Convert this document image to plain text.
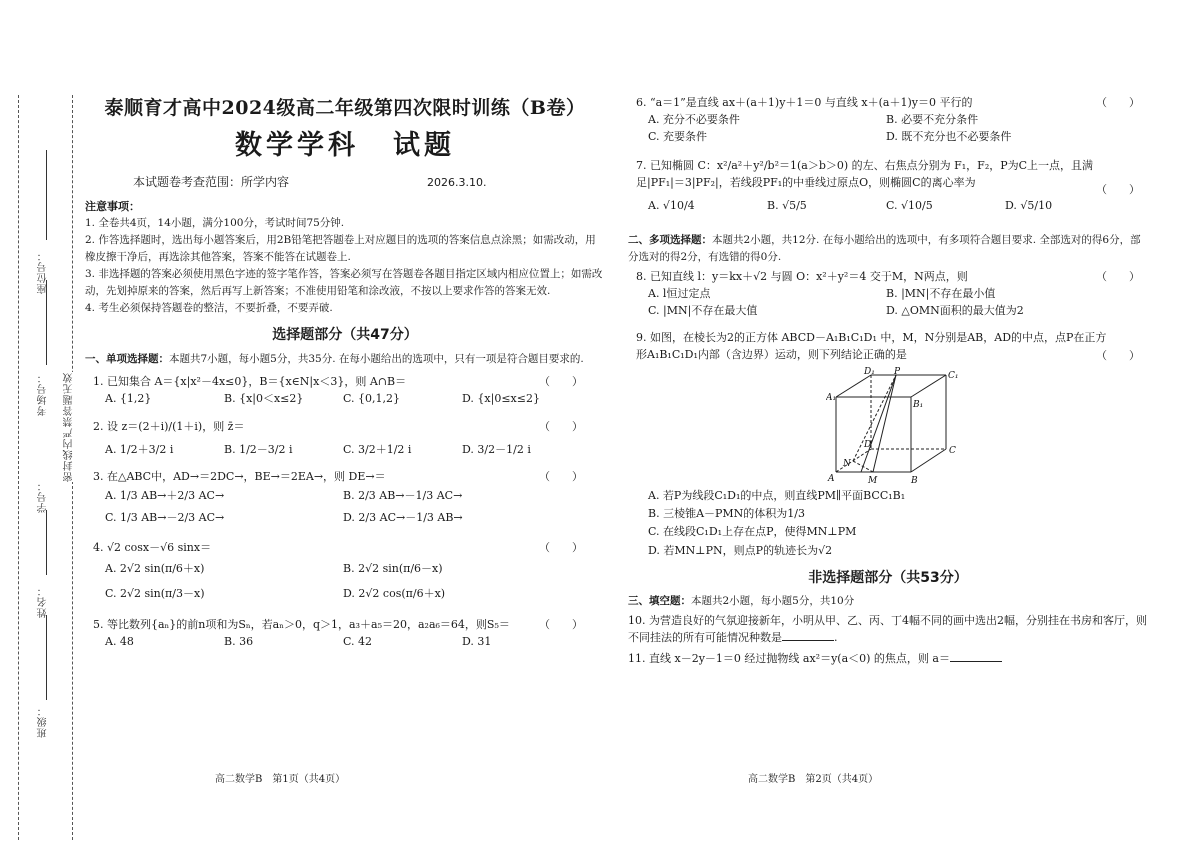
座位号：
考场号：
学号：
姓名：
班级：
密封线内严禁答题无效
泰顺育才高中2024级高二年级第四次限时训练（B卷）
数学学科 试题
本试题卷考查范围：所学内容	2026.3.10.
注意事项：
1. 全卷共4页，14小题，满分100分，考试时间75分钟.
2. 作答选择题时，选出每小题答案后，用2B铅笔把答题卷上对应题目的选项的答案信息点涂黑；如需改动，用橡皮擦干净后，再选涂其他答案，答案不能答在试题卷上.
3. 非选择题的答案必须使用黑色字迹的签字笔作答，答案必须写在答题卷各题目指定区域内相应位置上；如需改动，先划掉原来的答案，然后再写上新答案；不准使用铅笔和涂改液，不按以上要求作答的答案无效.
4. 考生必须保持答题卷的整洁，不要折叠，不要弄破.
选择题部分（共47分）
一、单项选择题：本题共7小题，每小题5分，共35分. 在每小题给出的选项中，只有一项是符合题目要求的.
1. 已知集合 A＝{x|x²－4x≤0}，B＝{x∈N|x＜3}，则 A∩B＝	（　　）
A. {1,2}	B. {x|0＜x≤2}	C. {0,1,2}	D. {x|0≤x≤2}
2. 设 z＝(2＋i)/(1＋i)，则 z̄＝	（　　）
A. 1/2＋3/2 i	B. 1/2－3/2 i	C. 3/2＋1/2 i	D. 3/2－1/2 i
3. 在△ABC中，AD→＝2DC→，BE→＝2EA→，则 DE→＝	（　　）
A. 1/3 AB→＋2/3 AC→	B. 2/3 AB→－1/3 AC→
C. 1/3 AB→－2/3 AC→	D. 2/3 AC→－1/3 AB→
4. √2 cosx－√6 sinx＝	（　　）
A. 2√2 sin(π/6＋x)	B. 2√2 sin(π/6－x)
C. 2√2 sin(π/3－x)	D. 2√2 cos(π/6＋x)
5. 等比数列{aₙ}的前n项和为Sₙ，若aₙ＞0，q＞1，a₃＋a₅＝20，a₂a₆＝64，则S₅＝	（　　）
A. 48	B. 36	C. 42	D. 31
高二数学B　第1页（共4页）
6. “a＝1”是直线 ax＋(a＋1)y＋1＝0 与直线 x＋(a＋1)y＝0 平行的	（　　）
A. 充分不必要条件	B. 必要不充分条件
C. 充要条件	D. 既不充分也不必要条件
7. 已知椭圆 C：x²/a²＋y²/b²＝1(a＞b＞0) 的左、右焦点分别为 F₁，F₂，P为C上一点，且满足|PF₁|＝3|PF₂|，若线段PF₁的中垂线过原点O，则椭圆C的离心率为
（　　）
A. √10/4	B. √5/5	C. √10/5	D. √5/10
二、多项选择题：本题共2小题，共12分. 在每小题给出的选项中，有多项符合题目要求. 全部选对的得6分，部分选对的得2分，有选错的得0分.
8. 已知直线 l：y＝kx＋√2 与圆 O：x²＋y²＝4 交于M，N两点，则	（　　）
A. l恒过定点	B. |MN|不存在最小值
C. |MN|不存在最大值	D. △OMN面积的最大值为2
9. 如图，在棱长为2的正方体 ABCD－A₁B₁C₁D₁ 中，M，N分别是AB，AD的中点，点P在正方形A₁B₁C₁D₁内部（含边界）运动，则下列结论正确的是	（　　）
D₁ P	C₁
A₁
B₁
D
C
N
A	M	B
A. 若P为线段C₁D₁的中点，则直线PM∥平面BCC₁B₁
B. 三棱锥A－PMN的体积为1/3
C. 在线段C₁D₁上存在点P，使得MN⊥PM
D. 若MN⊥PN，则点P的轨迹长为√2
非选择题部分（共53分）
三、填空题：本题共2小题，每小题5分，共10分
10. 为营造良好的气氛迎接新年，小明从甲、乙、丙、丁4幅不同的画中选出2幅，分别挂在书房和客厅，则不同挂法的所有可能情况种数是	.
11. 直线 x－2y－1＝0 经过抛物线 ax²＝y(a＜0) 的焦点，则 a＝
高二数学B　第2页（共4页）
